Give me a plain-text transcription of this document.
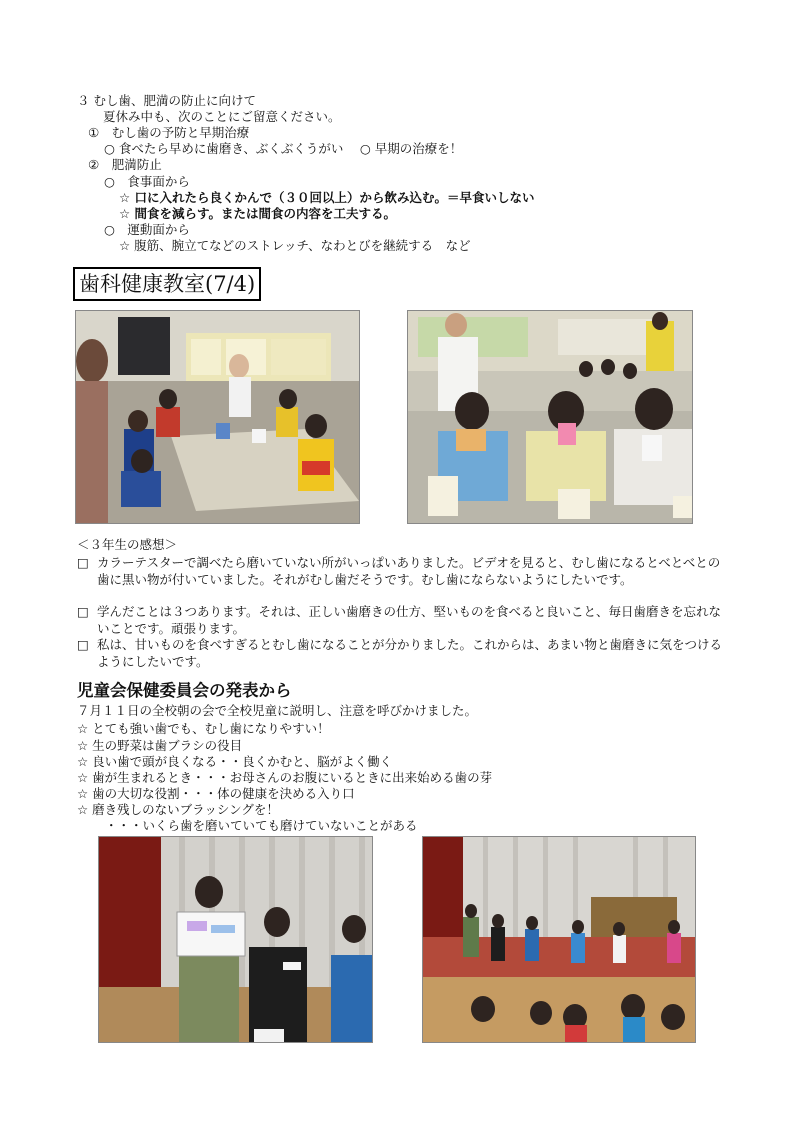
３ むし歯、肥満の防止に向けて
夏休み中も、次のことにご留意ください。
①　むし歯の予防と早期治療
○ 食べたら早めに歯磨き、ぶくぶくうがい　 ○ 早期の治療を！
②　肥満防止
○　食事面から
☆ 口に入れたら良くかんで（３０回以上）から飲み込む。＝早食いしない
☆ 間食を減らす。または間食の内容を工夫する。
○　運動面から
☆ 腹筋、腕立てなどのストレッチ、なわとびを継続する　など
歯科健康教室(7/4)
＜３年生の感想＞
□ カラーテスターで調べたら磨いていない所がいっぱいありました。ビデオを見ると、むし歯になるとべとべとの歯に黒い物が付いていました。それがむし歯だそうです。むし歯にならないようにしたいです。
□ 学んだことは３つあります。それは、正しい歯磨きの仕方、堅いものを食べると良いこと、毎日歯磨きを忘れないことです。頑張ります。
□ 私は、甘いものを食べすぎるとむし歯になることが分かりました。これからは、あまい物と歯磨きに気をつけるようにしたいです。
児童会保健委員会の発表から
７月１１日の全校朝の会で全校児童に説明し、注意を呼びかけました。
☆ とても強い歯でも、むし歯になりやすい！
☆ 生の野菜は歯ブラシの役目
☆ 良い歯で頭が良くなる・・良くかむと、脳がよく働く
☆ 歯が生まれるとき・・・お母さんのお腹にいるときに出来始める歯の芽
☆ 歯の大切な役割・・・体の健康を決める入り口
☆ 磨き残しのないブラッシングを！
・・・いくら歯を磨いていても磨けていないことがある
